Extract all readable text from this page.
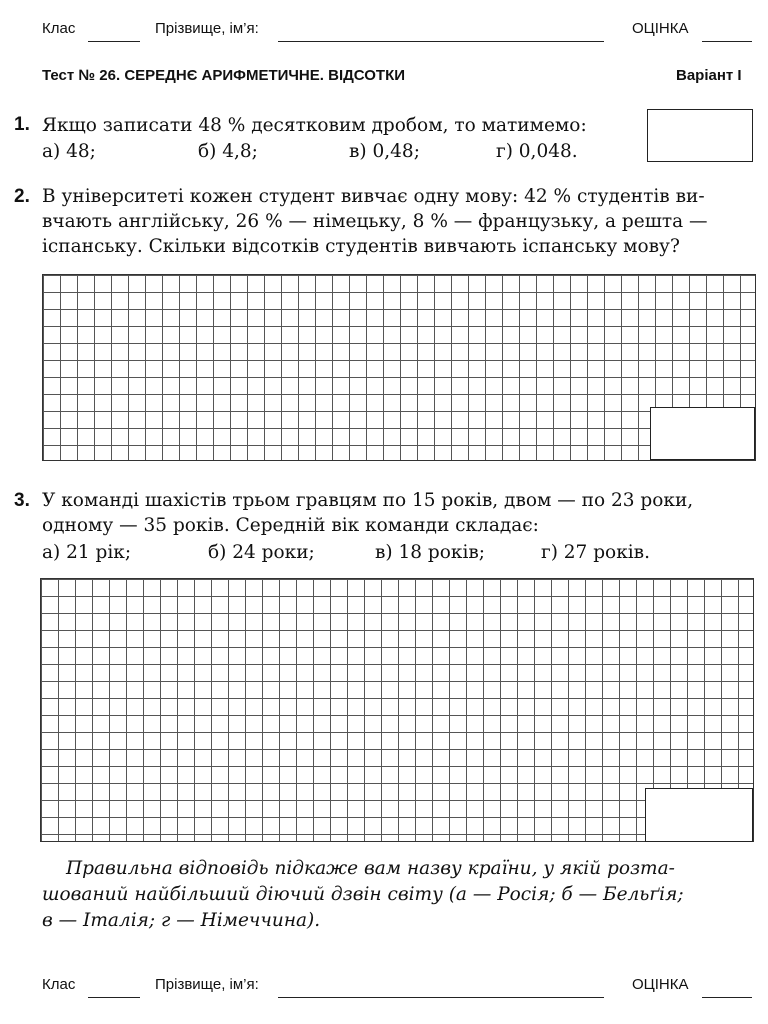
Клас	Прізвище, ім’я:	ОЦІНКА
Тест № 26. СЕРЕДНЄ АРИФМЕТИЧНЕ. ВІДСОТКИ	Варіант І
1. Якщо записати 48 % десятковим дробом, то матимемо:
а) 48;	б) 4,8;	в) 0,48;	г) 0,048.
2. В університеті кожен студент вивчає одну мову: 42 % студентів ви-
вчають англійську, 26 % — німецьку, 8 % — французьку, а решта —
іспанську. Скільки відсотків студентів вивчають іспанську мову?
3. У команді шахістів трьом гравцям по 15 років, двом — по 23 роки,
одному — 35 років. Середній вік команди складає:
а) 21 рік;	б) 24 роки;	в) 18 років;	г) 27 років.
Правильна відповідь підкаже вам назву країни, у якій розта-
шований найбільший діючий дзвін світу (а — Росія; б — Бельґія;
в — Італія; г — Німеччина).
Клас	Прізвище, ім’я:	ОЦІНКА
